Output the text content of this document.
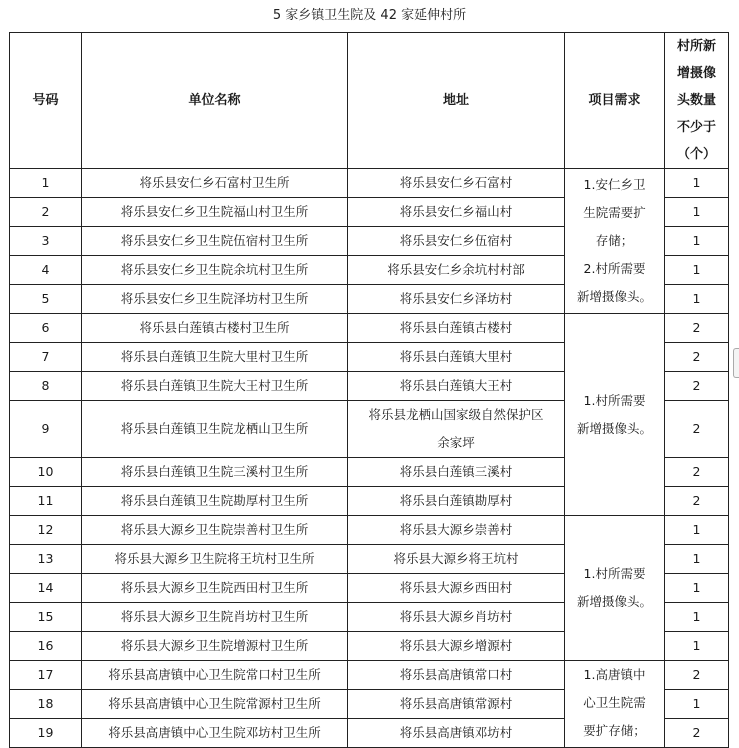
5 家乡镇卫生院及 42 家延伸村所
号码	单位名称	地址	项目需求	村所新
增摄像
头数量
不少于
（个）

1	将乐县安仁乡石富村卫生所	将乐县安仁乡石富村	1.安仁乡卫
生院需要扩
存储；
2.村所需要
新增摄像头。	1
2	将乐县安仁乡卫生院福山村卫生所	将乐县安仁乡福山村		1
3	将乐县安仁乡卫生院伍宿村卫生所	将乐县安仁乡伍宿村		1
4	将乐县安仁乡卫生院余坑村卫生所	将乐县安仁乡余坑村村部		1
5	将乐县安仁乡卫生院泽坊村卫生所	将乐县安仁乡泽坊村		1
6	将乐县白莲镇古楼村卫生所	将乐县白莲镇古楼村	1.村所需要
新增摄像头。	2
7	将乐县白莲镇卫生院大里村卫生所	将乐县白莲镇大里村		2
8	将乐县白莲镇卫生院大王村卫生所	将乐县白莲镇大王村		2
9	将乐县白莲镇卫生院龙栖山卫生所	将乐县龙栖山国家级自然保护区
余家坪		2
10	将乐县白莲镇卫生院三溪村卫生所	将乐县白莲镇三溪村		2
11	将乐县白莲镇卫生院勘厚村卫生所	将乐县白莲镇勘厚村		2
12	将乐县大源乡卫生院崇善村卫生所	将乐县大源乡崇善村	1.村所需要
新增摄像头。	1
13	将乐县大源乡卫生院将王坑村卫生所	将乐县大源乡将王坑村		1
14	将乐县大源乡卫生院西田村卫生所	将乐县大源乡西田村		1
15	将乐县大源乡卫生院肖坊村卫生所	将乐县大源乡肖坊村		1
16	将乐县大源乡卫生院增源村卫生所	将乐县大源乡增源村		1
17	将乐县高唐镇中心卫生院常口村卫生所	将乐县高唐镇常口村	1.高唐镇中
心卫生院需
要扩存储；	2
18	将乐县高唐镇中心卫生院常源村卫生所	将乐县高唐镇常源村		1
19	将乐县高唐镇中心卫生院邓坊村卫生所	将乐县高唐镇邓坊村		2
